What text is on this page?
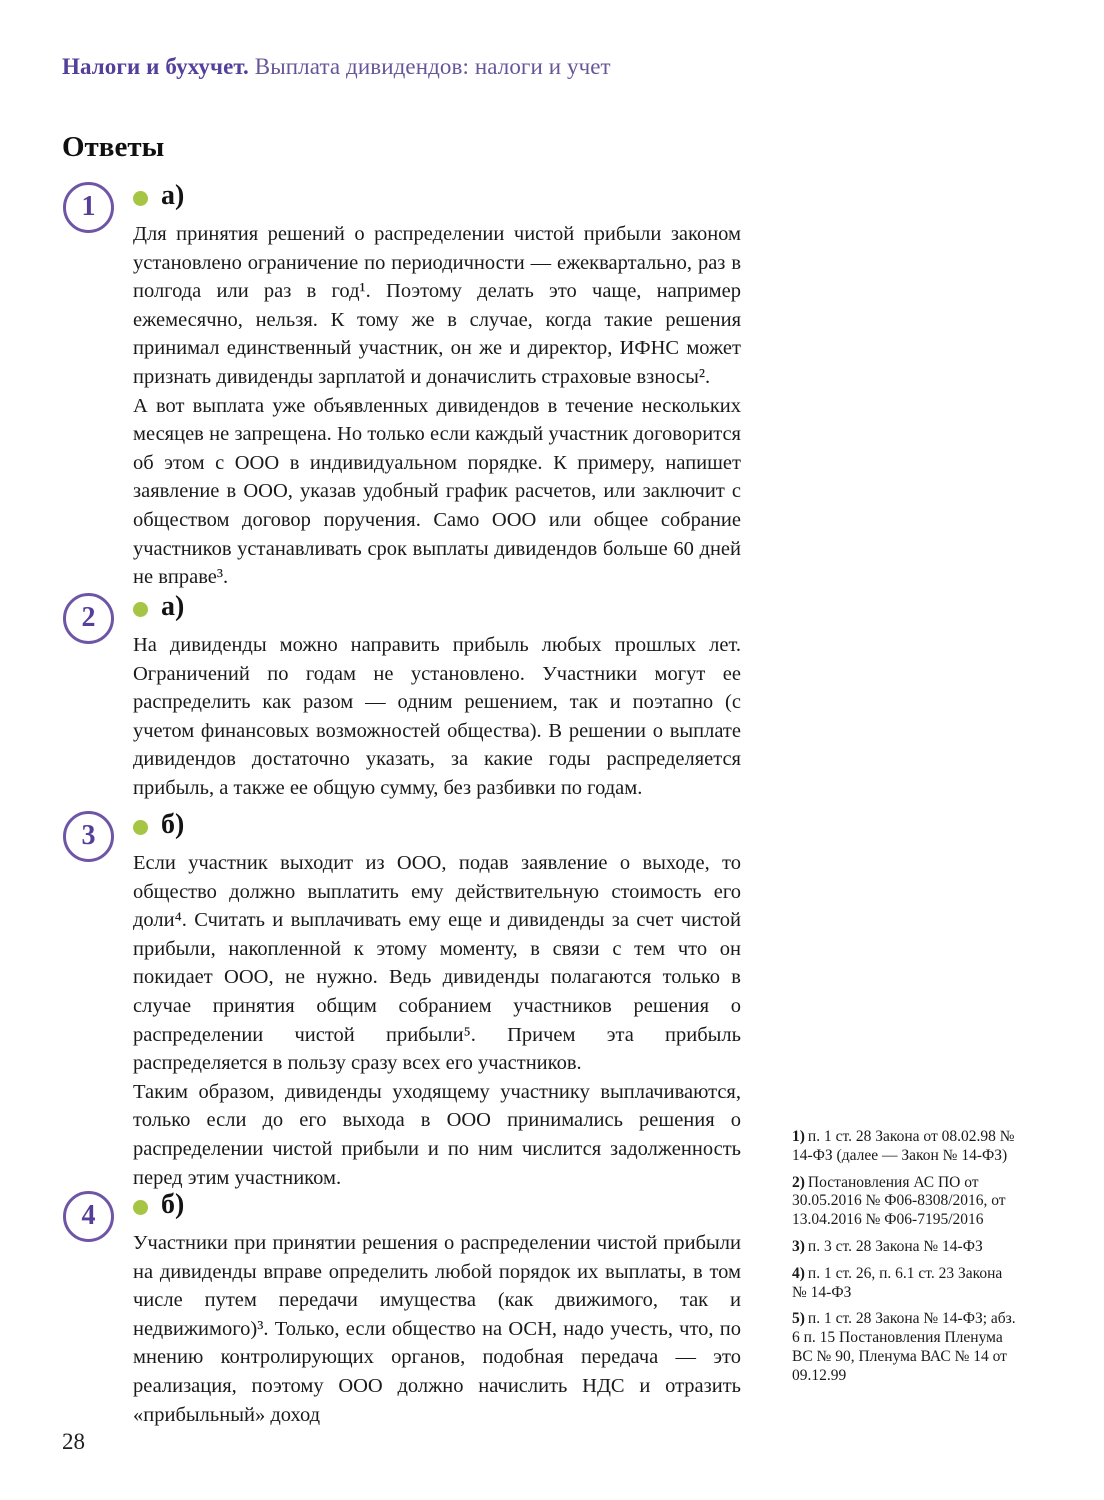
Налоги и бухучет. Выплата дивидендов: налоги и учет
Ответы
1 а)

Для принятия решений о распределении чистой прибыли законом установлено ограничение по периодичности — ежеквартально, раз в полгода или раз в год¹. Поэтому делать это чаще, например ежемесячно, нельзя. К тому же в случае, когда такие решения принимал единственный участник, он же и директор, ИФНС может признать дивиденды зарплатой и доначислить страховые взносы².

А вот выплата уже объявленных дивидендов в течение нескольких месяцев не запрещена. Но только если каждый участник договорится об этом с ООО в индивидуальном порядке. К примеру, напишет заявление в ООО, указав удобный график расчетов, или заключит с обществом договор поручения. Само ООО или общее собрание участников устанавливать срок выплаты дивидендов больше 60 дней не вправе³.

2 а)

На дивиденды можно направить прибыль любых прошлых лет. Ограничений по годам не установлено. Участники могут ее распределить как разом — одним решением, так и поэтапно (с учетом финансовых возможностей общества). В решении о выплате дивидендов достаточно указать, за какие годы распределяется прибыль, а также ее общую сумму, без разбивки по годам.

3 б)

Если участник выходит из ООО, подав заявление о выходе, то общество должно выплатить ему действительную стоимость его доли⁴. Считать и выплачивать ему еще и дивиденды за счет чистой прибыли, накопленной к этому моменту, в связи с тем что он покидает ООО, не нужно. Ведь дивиденды полагаются только в случае принятия общим собранием участников решения о распределении чистой прибыли⁵. Причем эта прибыль распределяется в пользу сразу всех его участников.

Таким образом, дивиденды уходящему участнику выплачиваются, только если до его выхода в ООО принимались решения о распределении чистой прибыли и по ним числится задолженность перед этим участником.

4 б)

Участники при принятии решения о распределении чистой прибыли на дивиденды вправе определить любой порядок их выплаты, в том числе путем передачи имущества (как движимого, так и недвижимого)³. Только, если общество на ОСН, надо учесть, что, по мнению контролирующих органов, подобная передача — это реализация, поэтому ООО должно начислить НДС и отразить «прибыльный» доход

1) п. 1 ст. 28 Закона от 08.02.98 № 14-ФЗ (далее — Закон № 14-ФЗ)

2) Постановления АС ПО от 30.05.2016 № Ф06-8308/2016, от 13.04.2016 № Ф06-7195/2016

3) п. 3 ст. 28 Закона № 14-ФЗ

4) п. 1 ст. 26, п. 6.1 ст. 23 Закона № 14-ФЗ

5) п. 1 ст. 28 Закона № 14-ФЗ; абз. 6 п. 15 Постановления Пленума ВС № 90, Пленума ВАС № 14 от 09.12.99

28
